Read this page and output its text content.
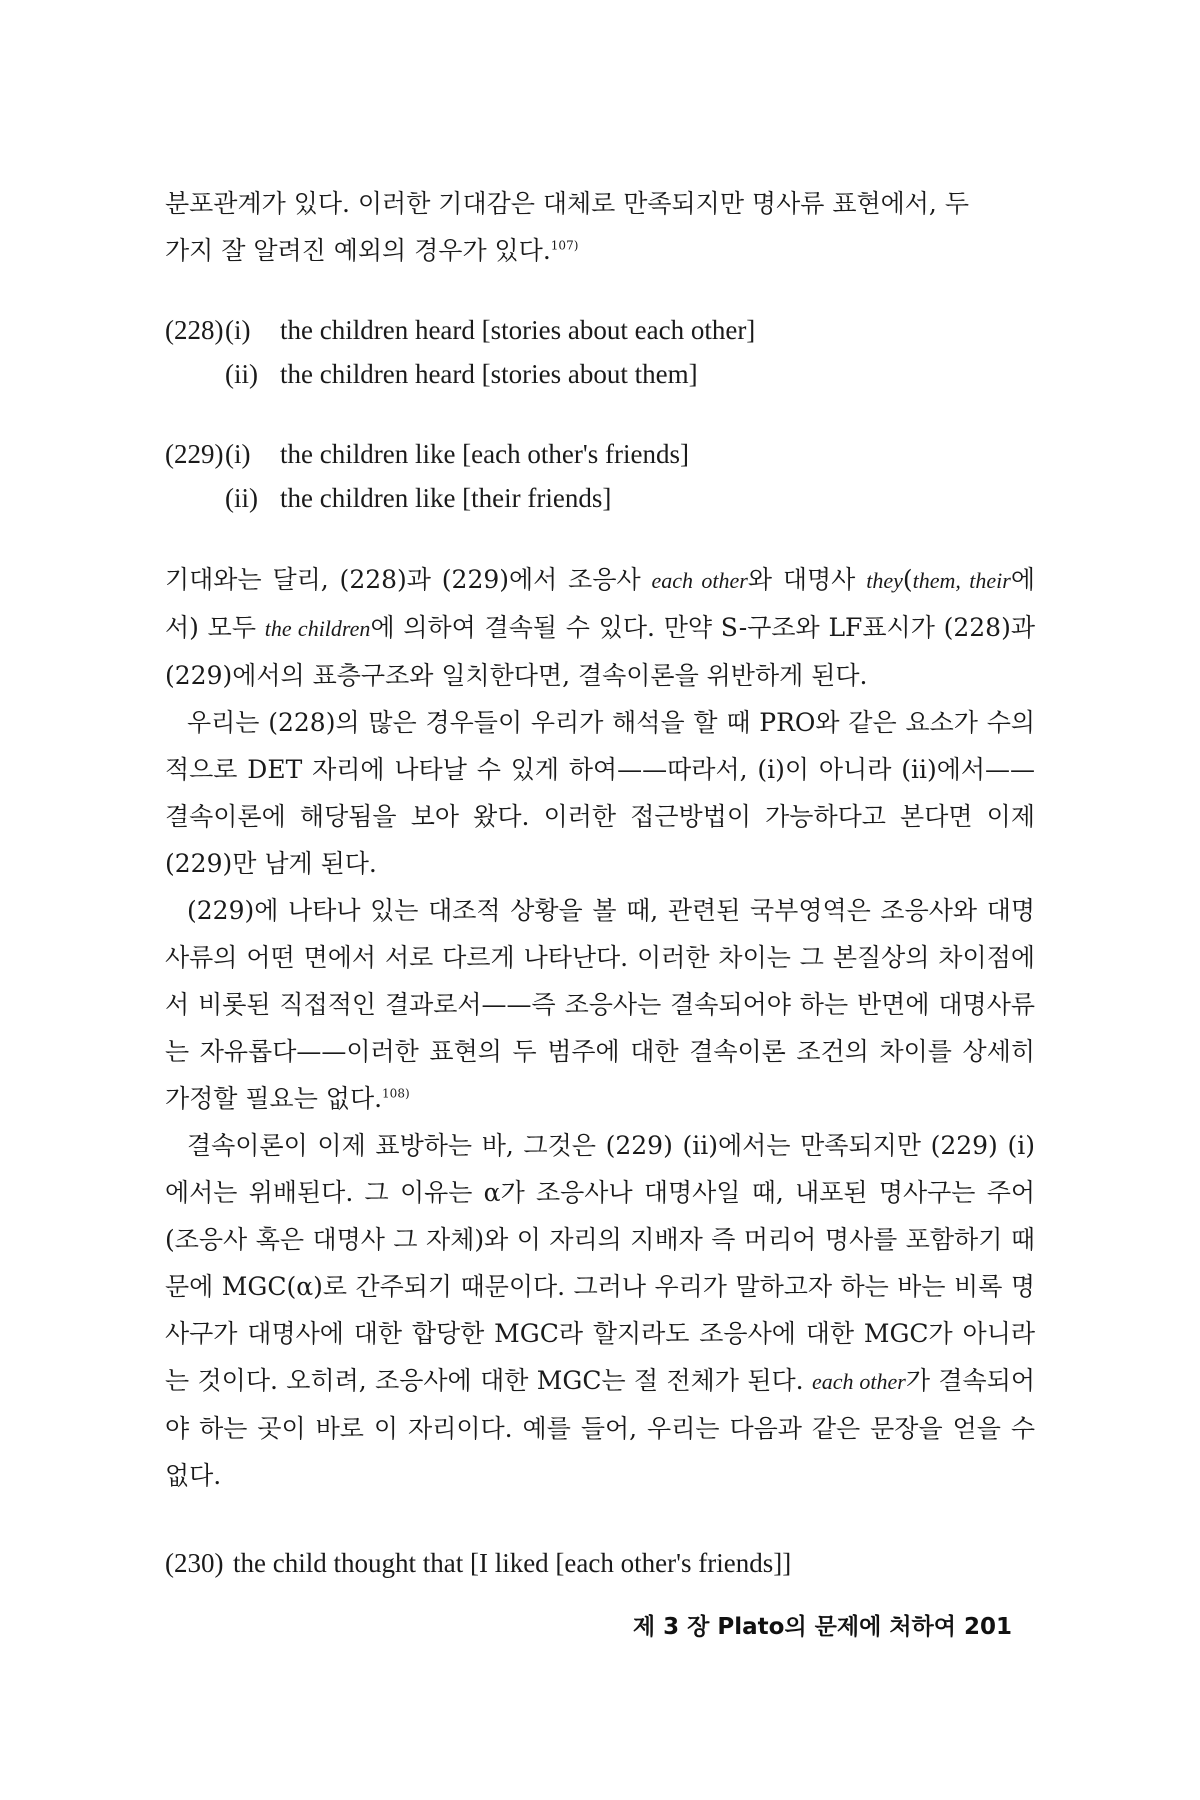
분포관계가 있다. 이러한 기대감은 대체로 만족되지만 명사류 표현에서, 두
가지 잘 알려진 예외의 경우가 있다.$^{107)}$

(228) (i)	the children heard [stories about each other]
(ii) the children heard [stories about them]
(229) (i)	the children like [each other's friends]
(ii) the children like [their friends]

기대와는 달리, (228)과 (229)에서 조응사 each other와 대명사 they(them, their에서) 모두 the children에 의하여 결속될 수 있다. 만약 S-구조와 LF표시가 (228)과 (229)에서의 표층구조와 일치한다면, 결속이론을 위반하게 된다.

우리는 (228)의 많은 경우들이 우리가 해석을 할 때 PRO와 같은 요소가 수의적으로 DET 자리에 나타날 수 있게 하여——따라서, (i)이 아니라 (ii)에서——결속이론에 해당됨을 보아 왔다. 이러한 접근방법이 가능하다고 본다면 이제 (229)만 남게 된다.

(229)에 나타나 있는 대조적 상황을 볼 때, 관련된 국부영역은 조응사와 대명사류의 어떤 면에서 서로 다르게 나타난다. 이러한 차이는 그 본질상의 차이점에서 비롯된 직접적인 결과로서——즉 조응사는 결속되어야 하는 반면에 대명사류는 자유롭다——이러한 표현의 두 범주에 대한 결속이론 조건의 차이를 상세히 가정할 필요는 없다.$^{108)}$

결속이론이 이제 표방하는 바, 그것은 (229) (ii)에서는 만족되지만 (229) (i)에서는 위배된다. 그 이유는 α가 조응사나 대명사일 때, 내포된 명사구는 주어(조응사 혹은 대명사 그 자체)와 이 자리의 지배자 즉 머리어 명사를 포함하기 때문에 MGC(α)로 간주되기 때문이다. 그러나 우리가 말하고자 하는 바는 비록 명사구가 대명사에 대한 합당한 MGC라 할지라도 조응사에 대한 MGC가 아니라는 것이다. 오히려, 조응사에 대한 MGC는 절 전체가 된다. each other가 결속되어야 하는 곳이 바로 이 자리이다. 예를 들어, 우리는 다음과 같은 문장을 얻을 수 없다.

(230) the child thought that [I liked [each other's friends]]
제 3 장 Plato의 문제에 처하여 201
